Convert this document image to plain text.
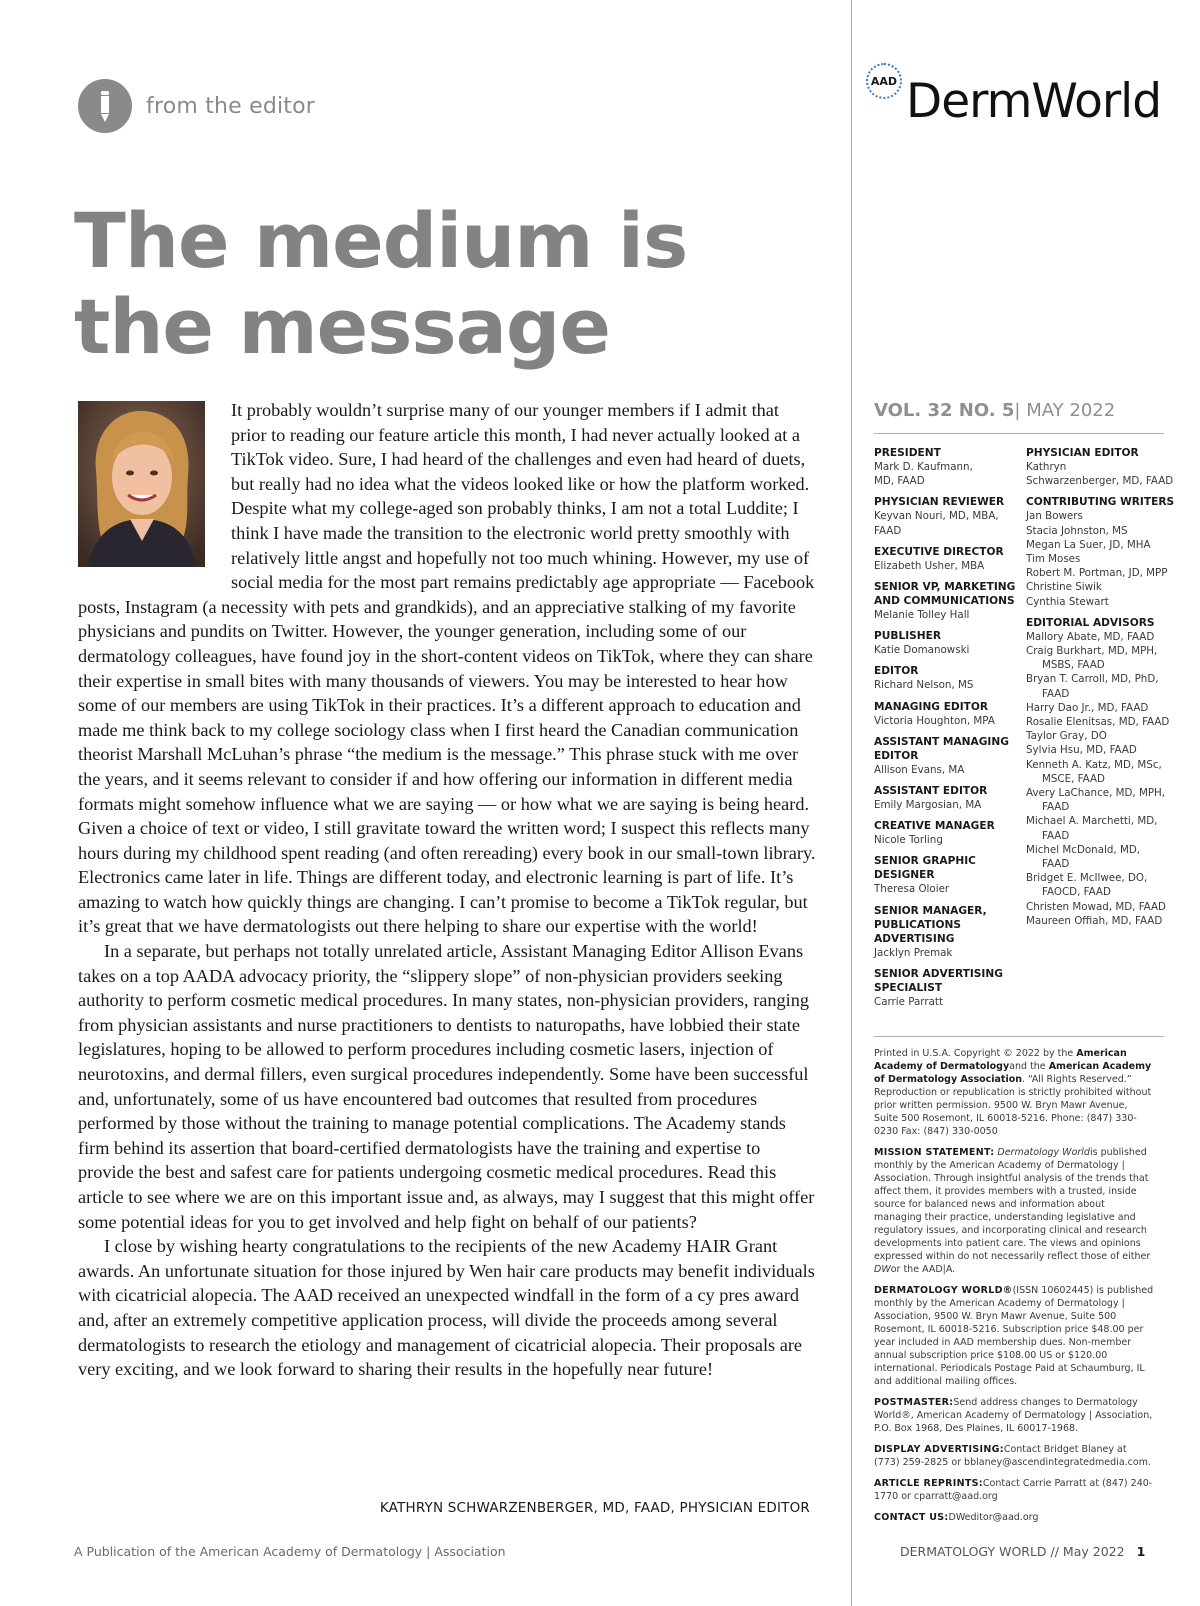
from the editor
The medium is
the message

It probably wouldn’t surprise many of our younger members if I admit that prior to reading our feature article this month, I had never actually looked at a TikTok video. Sure, I had heard of the challenges and even had heard of duets, but really had no idea what the videos looked like or how the platform worked. Despite what my college-aged son probably thinks, I am not a total Luddite; I think I have made the transition to the electronic world pretty smoothly with relatively little angst and hopefully not too much whining. However, my use of social media for the most part remains predictably age appropriate — Facebook posts, Instagram (a necessity with pets and grandkids), and an appreciative stalking of my favorite physicians and pundits on Twitter. However, the younger generation, including some of our dermatology colleagues, have found joy in the short-content videos on TikTok, where they can share their expertise in small bites with many thousands of viewers. You may be interested to hear how some of our members are using TikTok in their practices. It’s a different approach to education and made me think back to my college sociology class when I first heard the Canadian communication theorist Marshall McLuhan’s phrase “the medium is the message.” This phrase stuck with me over the years, and it seems relevant to consider if and how offering our information in different media formats might somehow influence what we are saying — or how what we are saying is being heard. Given a choice of text or video, I still gravitate toward the written word; I suspect this reflects many hours during my childhood spent reading (and often rereading) every book in our small-town library. Electronics came later in life. Things are different today, and electronic learning is part of life. It’s amazing to watch how quickly things are changing. I can’t promise to become a TikTok regular, but it’s great that we have dermatologists out there helping to share our expertise with the world!

In a separate, but perhaps not totally unrelated article, Assistant Managing Editor Allison Evans takes on a top AADA advocacy priority, the “slippery slope” of non-physician providers seeking authority to perform cosmetic medical procedures. In many states, non-physician providers, ranging from physician assistants and nurse practitioners to dentists to naturopaths, have lobbied their state legislatures, hoping to be allowed to perform procedures including cosmetic lasers, injection of neurotoxins, and dermal fillers, even surgical procedures independently. Some have been successful and, unfortunately, some of us have encountered bad outcomes that resulted from procedures performed by those without the training to manage potential complications. The Academy stands firm behind its assertion that board-certified dermatologists have the training and expertise to provide the best and safest care for patients undergoing cosmetic medical procedures. Read this article to see where we are on this important issue and, as always, may I suggest that this might offer some potential ideas for you to get involved and help fight on behalf of our patients?

I close by wishing hearty congratulations to the recipients of the new Academy HAIR Grant awards. An unfortunate situation for those injured by Wen hair care products may benefit individuals with cicatricial alopecia. The AAD received an unexpected windfall in the form of a cy pres award and, after an extremely competitive application process, will divide the proceeds among several dermatologists to research the etiology and management of cicatricial alopecia. Their proposals are very exciting, and we look forward to sharing their results in the hopefully near future!

KATHRYN SCHWARZENBERGER, MD, FAAD, PHYSICIAN EDITOR
A Publication of the American Academy of Dermatology | Association	DERMATOLOGY WORLD // May 2022 1
AAD DermWorld
VOL. 32 NO. 5| MAY 2022
PRESIDENT
Mark D. Kaufmann,
MD, FAAD
PHYSICIAN REVIEWER
Keyvan Nouri, MD, MBA,
FAAD
EXECUTIVE DIRECTOR
Elizabeth Usher, MBA
SENIOR VP, MARKETING AND COMMUNICATIONS
Melanie Tolley Hall
PUBLISHER
Katie Domanowski
EDITOR
Richard Nelson, MS
MANAGING EDITOR
Victoria Houghton, MPA
ASSISTANT MANAGING EDITOR
Allison Evans, MA
ASSISTANT EDITOR
Emily Margosian, MA
CREATIVE MANAGER
Nicole Torling
SENIOR GRAPHIC DESIGNER
Theresa Oloier
SENIOR MANAGER, PUBLICATIONS ADVERTISING
Jacklyn Premak
SENIOR ADVERTISING SPECIALIST
Carrie Parratt
PHYSICIAN EDITOR
Kathryn
Schwarzenberger, MD, FAAD
CONTRIBUTING WRITERS
Jan Bowers
Stacia Johnston, MS
Megan La Suer, JD, MHA
Tim Moses
Robert M. Portman, JD, MPP
Christine Siwik
Cynthia Stewart
EDITORIAL ADVISORS
Mallory Abate, MD, FAAD
Craig Burkhart, MD, MPH,
MSBS, FAAD
Bryan T. Carroll, MD, PhD,
FAAD
Harry Dao Jr., MD, FAAD
Rosalie Elenitsas, MD, FAAD
Taylor Gray, DO
Sylvia Hsu, MD, FAAD
Kenneth A. Katz, MD, MSc,
MSCE, FAAD
Avery LaChance, MD, MPH,
FAAD
Michael A. Marchetti, MD,
FAAD
Michel McDonald, MD,
FAAD
Bridget E. McIlwee, DO,
FAOCD, FAAD
Christen Mowad, MD, FAAD
Maureen Offiah, MD, FAAD

Printed in U.S.A. Copyright © 2022 by the American Academy of Dermatologyand the American Academy of Dermatology Association. “All Rights Reserved.” Reproduction or republication is strictly prohibited without prior written permission. 9500 W. Bryn Mawr Avenue, Suite 500 Rosemont, IL 60018-5216. Phone: (847) 330-0230 Fax: (847) 330-0050

MISSION STATEMENT: Dermatology Worldis published monthly by the American Academy of Dermatology | Association. Through insightful analysis of the trends that affect them, it provides members with a trusted, inside source for balanced news and information about managing their practice, understanding legislative and regulatory issues, and incorporating clinical and research developments into patient care. The views and opinions expressed within do not necessarily reflect those of either DWor the AAD|A.

DERMATOLOGY WORLD®(ISSN 10602445) is published monthly by the American Academy of Dermatology | Association, 9500 W. Bryn Mawr Avenue, Suite 500 Rosemont, IL 60018-5216. Subscription price $48.00 per year included in AAD membership dues. Non-member annual subscription price $108.00 US or $120.00 international. Periodicals Postage Paid at Schaumburg, IL and additional mailing offices.

POSTMASTER:Send address changes to Dermatology World®, American Academy of Dermatology | Association, P.O. Box 1968, Des Plaines, IL 60017-1968.

DISPLAY ADVERTISING:Contact Bridget Blaney at (773) 259-2825 or bblaney@ascendintegratedmedia.com.

ARTICLE REPRINTS:Contact Carrie Parratt at (847) 240-1770 or cparratt@aad.org

CONTACT US:DWeditor@aad.org
